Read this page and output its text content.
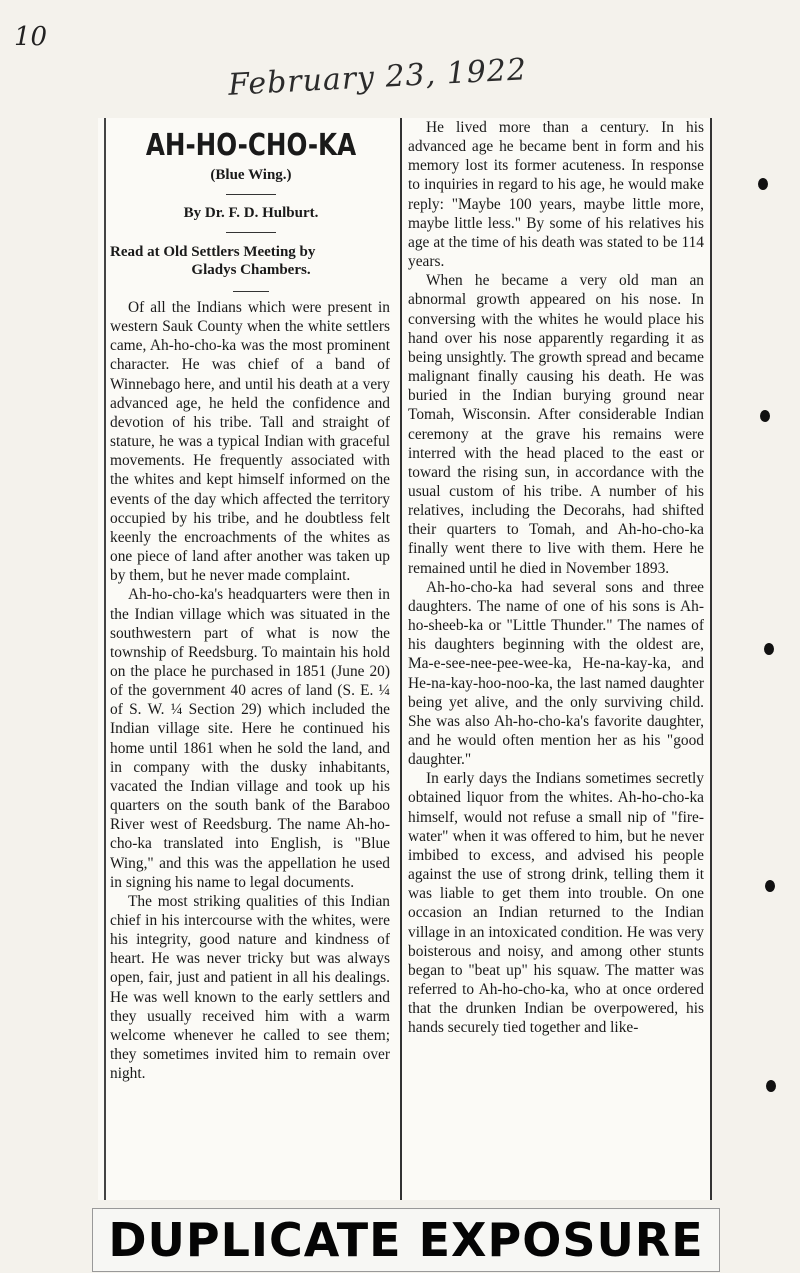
10
February 23, 1922
AH-HO-CHO-KA
(Blue Wing.)
By Dr. F. D. Hulburt.

Read at Old Settlers Meeting by

Gladys Chambers.

Of all the Indians which were present in western Sauk County when the white settlers came, Ah-ho-cho-ka was the most prominent character. He was chief of a band of Winnebago here, and until his death at a very advanced age, he held the confidence and devotion of his tribe. Tall and straight of stature, he was a typical Indian with graceful movements. He frequently associated with the whites and kept himself informed on the events of the day which affected the territory occupied by his tribe, and he doubtless felt keenly the encroachments of the whites as one piece of land after another was taken up by them, but he never made complaint.

Ah-ho-cho-ka's headquarters were then in the Indian village which was situated in the southwestern part of what is now the township of Reedsburg. To maintain his hold on the place he purchased in 1851 (June 20) of the government 40 acres of land (S. E. ¼ of S. W. ¼ Section 29) which included the Indian village site. Here he continued his home until 1861 when he sold the land, and in company with the dusky inhabitants, vacated the Indian village and took up his quarters on the south bank of the Baraboo River west of Reedsburg. The name Ah-ho-cho-ka translated into English, is "Blue Wing," and this was the appellation he used in signing his name to legal documents.

The most striking qualities of this Indian chief in his intercourse with the whites, were his integrity, good nature and kindness of heart. He was never tricky but was always open, fair, just and patient in all his dealings. He was well known to the early settlers and they usually received him with a warm welcome whenever he called to see them; they sometimes invited him to remain over night.

He lived more than a century. In his advanced age he became bent in form and his memory lost its former acuteness. In response to inquiries in regard to his age, he would make reply: "Maybe 100 years, maybe little more, maybe little less." By some of his relatives his age at the time of his death was stated to be 114 years.

When he became a very old man an abnormal growth appeared on his nose. In conversing with the whites he would place his hand over his nose apparently regarding it as being unsightly. The growth spread and became malignant finally causing his death. He was buried in the Indian burying ground near Tomah, Wisconsin. After considerable Indian ceremony at the grave his remains were interred with the head placed to the east or toward the rising sun, in accordance with the usual custom of his tribe. A number of his relatives, including the Decorahs, had shifted their quarters to Tomah, and Ah-ho-cho-ka finally went there to live with them. Here he remained until he died in November 1893.

Ah-ho-cho-ka had several sons and three daughters. The name of one of his sons is Ah-ho-sheeb-ka or "Little Thunder." The names of his daughters beginning with the oldest are, Ma-e-see-nee-pee-wee-ka, He-na-kay-ka, and He-na-kay-hoo-noo-ka, the last named daughter being yet alive, and the only surviving child. She was also Ah-ho-cho-ka's favorite daughter, and he would often mention her as his "good daughter."

In early days the Indians sometimes secretly obtained liquor from the whites. Ah-ho-cho-ka himself, would not refuse a small nip of "fire-water" when it was offered to him, but he never imbibed to excess, and advised his people against the use of strong drink, telling them it was liable to get them into trouble. On one occasion an Indian returned to the Indian village in an intoxicated condition. He was very boisterous and noisy, and among other stunts began to "beat up" his squaw. The matter was referred to Ah-ho-cho-ka, who at once ordered that the drunken Indian be overpowered, his hands securely tied together and like-

DUPLICATE EXPOSURE
